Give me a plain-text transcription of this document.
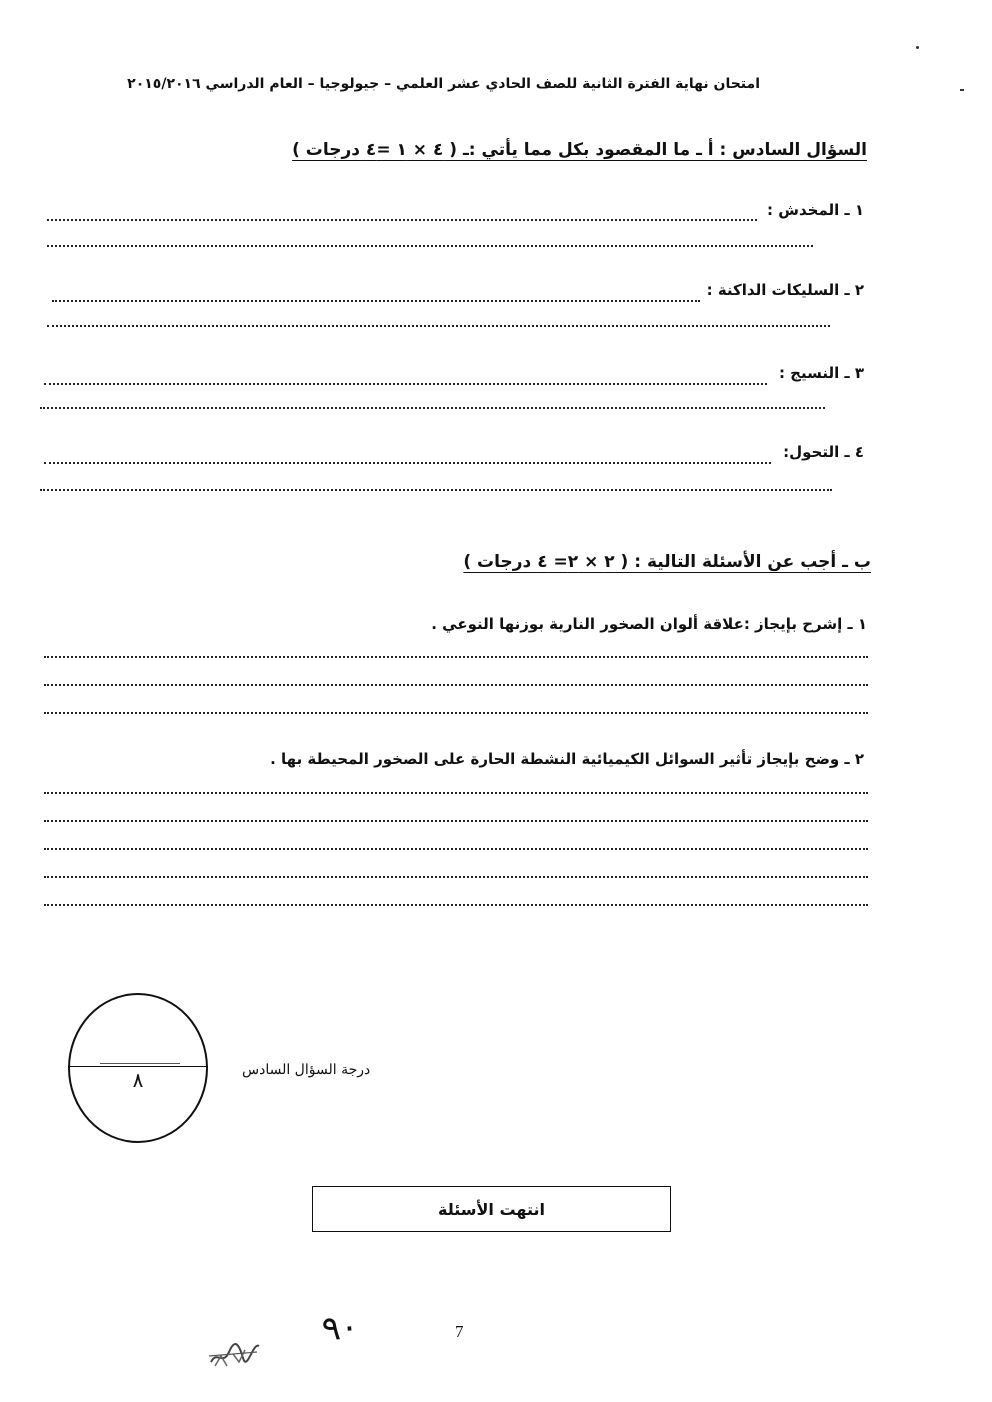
امتحان نهاية الفترة الثانية للصف الحادي عشر العلمي – جيولوجيا – العام الدراسي ٢٠١٥/٢٠١٦
السؤال السادس : أ ـ ما المقصود بكل مما يأتي :ـ ( ٤ × ١ =٤ درجات )
١ ـ المخدش :
٢ ـ السليكات الداكنة :
٣ ـ النسيج :
٤ ـ التحول:
ب ـ أجب عن الأسئلة التالية : ( ٢ × ٢= ٤ درجات )
١ ـ إشرح بإيجاز :علاقة ألوان الصخور النارية بوزنها النوعي .
٢ ـ وضح بإيجاز تأثير السوائل الكيميائية النشطة الحارة على الصخور المحيطة بها .
٨	درجة السؤال السادس
انتهت الأسئلة
٩٠	7
